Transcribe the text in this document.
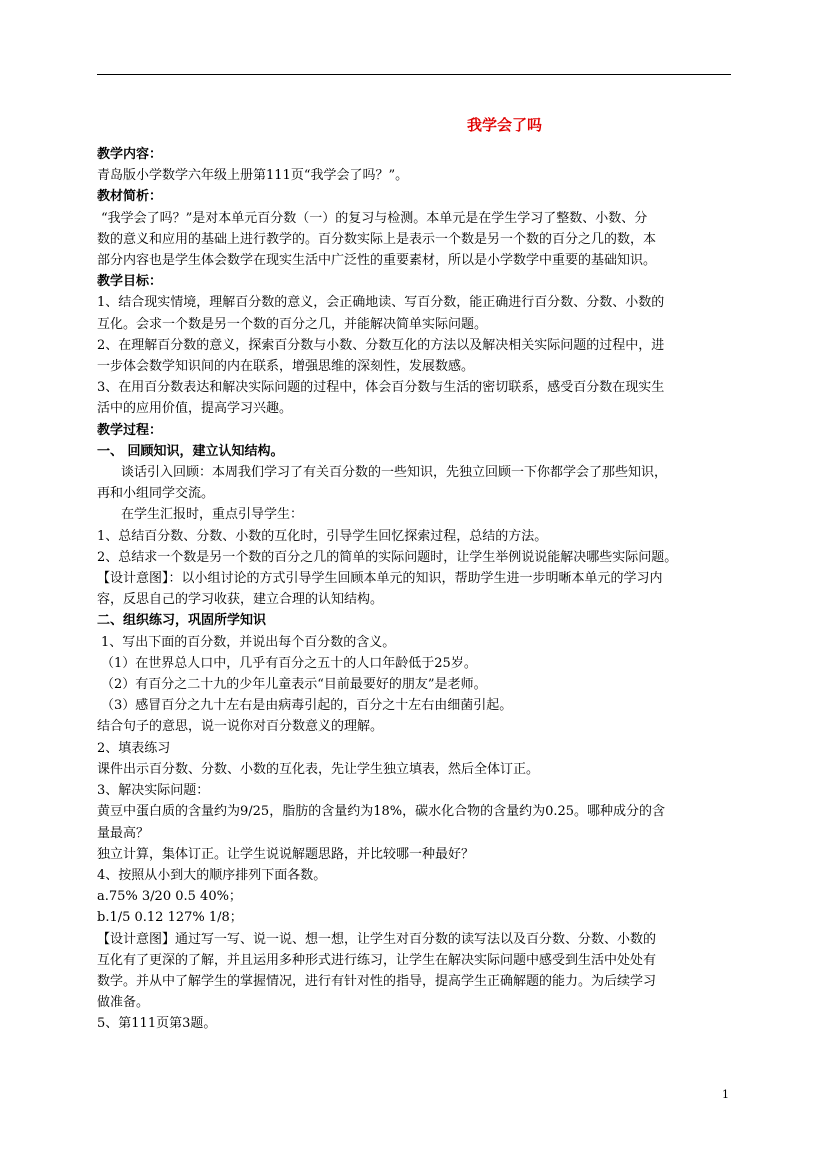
我学会了吗

教学内容：

青岛版小学数学六年级上册第111页“我学会了吗？”。

教材简析：

“我学会了吗？”是对本单元百分数（一）的复习与检测。本单元是在学生学习了整数、小数、分

数的意义和应用的基础上进行教学的。百分数实际上是表示一个数是另一个数的百分之几的数，本

部分内容也是学生体会数学在现实生活中广泛性的重要素材，所以是小学数学中重要的基础知识。

教学目标：

1、结合现实情境，理解百分数的意义，会正确地读、写百分数，能正确进行百分数、分数、小数的

互化。会求一个数是另一个数的百分之几，并能解决简单实际问题。

2、在理解百分数的意义，探索百分数与小数、分数互化的方法以及解决相关实际问题的过程中，进

一步体会数学知识间的内在联系，增强思维的深刻性，发展数感。

3、在用百分数表达和解决实际问题的过程中，体会百分数与生活的密切联系，感受百分数在现实生

活中的应用价值，提高学习兴趣。

教学过程：

一、 回顾知识，建立认知结构。

谈话引入回顾：本周我们学习了有关百分数的一些知识，先独立回顾一下你都学会了那些知识，

再和小组同学交流。

在学生汇报时，重点引导学生：

1、总结百分数、分数、小数的互化时，引导学生回忆探索过程，总结的方法。

2、总结求一个数是另一个数的百分之几的简单的实际问题时，让学生举例说说能解决哪些实际问题。

【设计意图】：以小组讨论的方式引导学生回顾本单元的知识，帮助学生进一步明晰本单元的学习内

容，反思自己的学习收获，建立合理的认知结构。

二、组织练习，巩固所学知识

1、写出下面的百分数，并说出每个百分数的含义。

（1）在世界总人口中，几乎有百分之五十的人口年龄低于25岁。

（2）有百分之二十九的少年儿童表示“目前最要好的朋友”是老师。

（3）感冒百分之九十左右是由病毒引起的，百分之十左右由细菌引起。

结合句子的意思，说一说你对百分数意义的理解。

2、填表练习

课件出示百分数、分数、小数的互化表，先让学生独立填表，然后全体订正。

3、解决实际问题：

黄豆中蛋白质的含量约为9/25，脂肪的含量约为18%，碳水化合物的含量约为0.25。哪种成分的含

量最高？

独立计算，集体订正。让学生说说解题思路，并比较哪一种最好？

4、按照从小到大的顺序排列下面各数。

a.75% 3/20 0.5 40%；

b.1/5 0.12 127% 1/8；

【设计意图】通过写一写、说一说、想一想，让学生对百分数的读写法以及百分数、分数、小数的

互化有了更深的了解，并且运用多种形式进行练习，让学生在解决实际问题中感受到生活中处处有

数学。并从中了解学生的掌握情况，进行有针对性的指导，提高学生正确解题的能力。为后续学习

做准备。

5、第111页第3题。

1
